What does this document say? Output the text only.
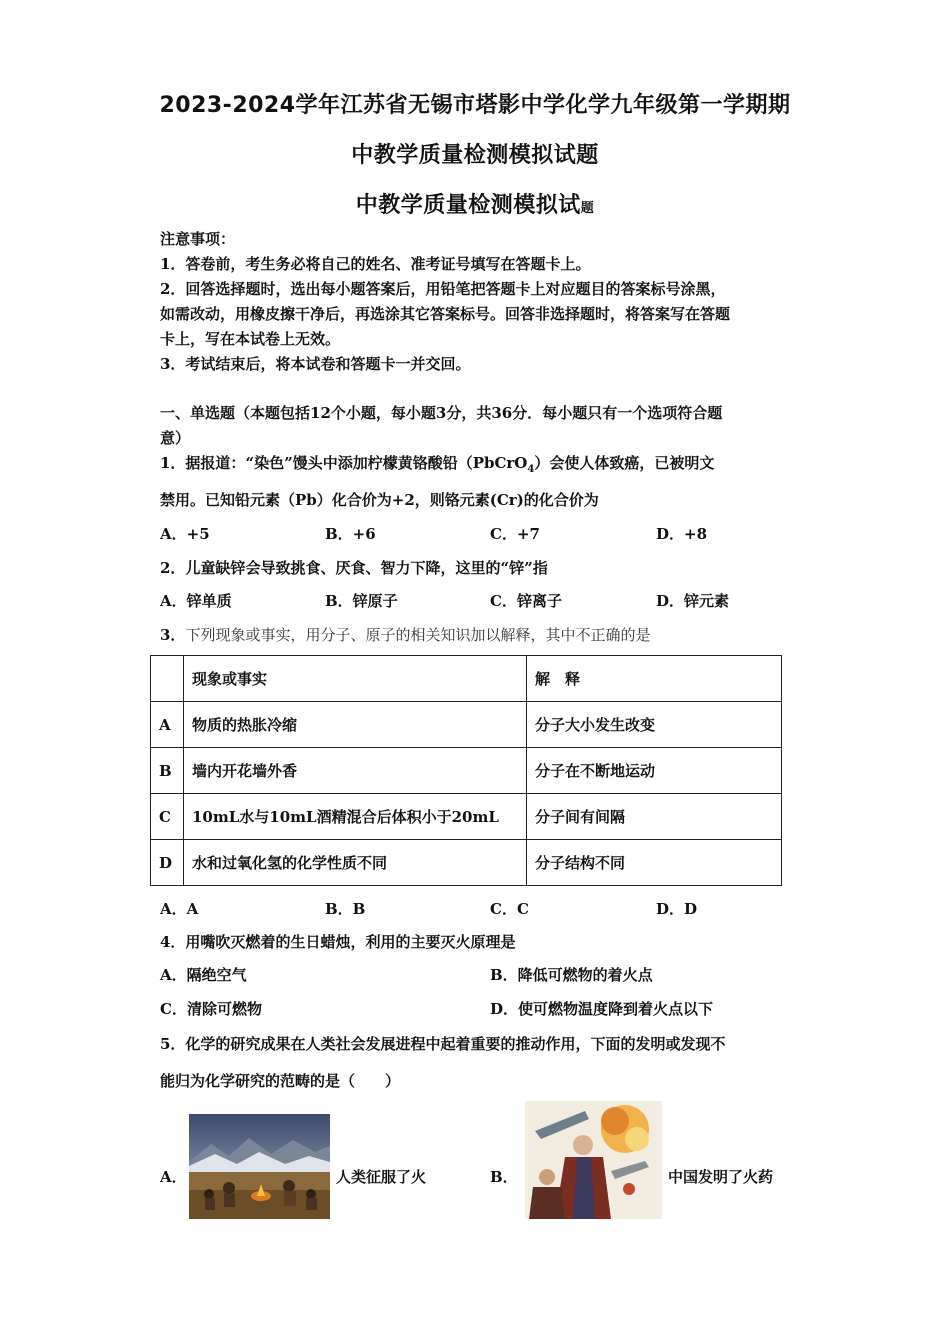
2023-2024学年江苏省无锡市塔影中学化学九年级第一学期期
中教学质量检测模拟试题
中教学质量检测模拟试题
注意事项：
1．答卷前，考生务必将自己的姓名、准考证号填写在答题卡上。
2．回答选择题时，选出每小题答案后，用铅笔把答题卡上对应题目的答案标号涂黑，
如需改动，用橡皮擦干净后，再选涂其它答案标号。回答非选择题时，将答案写在答题
卡上，写在本试卷上无效。
3．考试结束后，将本试卷和答题卡一并交回。
一、单选题（本题包括12个小题，每小题3分，共36分．每小题只有一个选项符合题
意）
1．据报道：“染色”馒头中添加柠檬黄铬酸铅（PbCrO$_4$）会使人体致癌，已被明文
禁用。已知铅元素（Pb）化合价为+2，则铬元素(Cr)的化合价为
A．+5	B．+6	C．+7	D．+8
2．儿童缺锌会导致挑食、厌食、智力下降，这里的“锌”指
A．锌单质	B．锌原子	C．锌离子	D．锌元素
3．下列现象或事实，用分子、原子的相关知识加以解释，其中不正确的是
	现象或事实	解　释
A	物质的热胀冷缩	分子大小发生改变
B	墙内开花墙外香	分子在不断地运动
C	10mL水与10mL酒精混合后体积小于20mL	分子间有间隔
D	水和过氧化氢的化学性质不同	分子结构不同
A．A	B．B	C．C	D．D
4．用嘴吹灭燃着的生日蜡烛，利用的主要灭火原理是
A．隔绝空气	B．降低可燃物的着火点
C．清除可燃物	D．使可燃物温度降到着火点以下
5．化学的研究成果在人类社会发展进程中起着重要的推动作用，下面的发明或发现不
能归为化学研究的范畴的是（　　）
A．	人类征服了火	B．	中国发明了火药
